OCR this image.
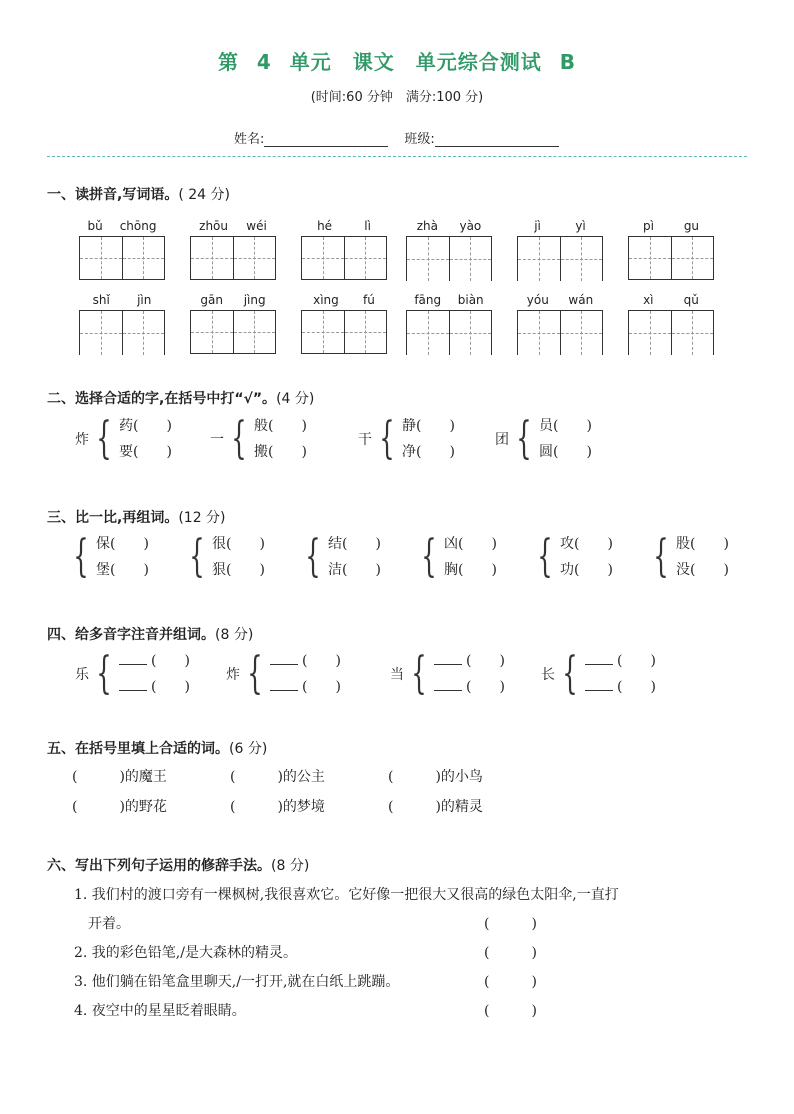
第 4 单元　课文　单元综合测试 B
(时间:60 分钟　满分:100 分)
姓名:	班级:
一、读拼音,写词语。( 24 分)
bǔ chōng	zhōu wéi	hé	lì	zhà yào	jì	yì	pì gu
shǐ jìn	gān jìng	xìng fú	fāng biàn	yóu wán	xì	qǔ
二、选择合适的字,在括号中打“√”。(4 分)
炸 { 药(　　)
要(　　)
一 { 般(　　)
搬(　　)
干 { 静(　　)
净(　　)
团 { 员(　　)
圆(　　)
三、比一比,再组词。(12 分)
{ 保(　　)
堡(　　) { 很(　　)
狠(　　) { 结(　　)
洁(　　) { 凶(　　)
胸(　　) { 攻(　　)
功(　　) { 股(　　)
没(　　)
四、给多音字注音并组词。(8 分)
乐 {	(　　)
(　　)
炸 {	(　　)
(　　)
当 {	(　　)
(　　)
长 {	(　　)
(　　)
五、在括号里填上合适的词。(6 分)
(　　　)的魔王	(　　　)的公主	(　　　)的小鸟
(　　　)的野花	(　　　)的梦境	(　　　)的精灵
六、写出下列句子运用的修辞手法。(8 分)
1. 我们村的渡口旁有一棵枫树,我很喜欢它。它好像一把很大又很高的绿色太阳伞,一直打
　开着。	(　　　)
2. 我的彩色铅笔,/是大森林的精灵。	(　　　)
3. 他们躺在铅笔盒里聊天,/一打开,就在白纸上跳蹦。	(　　　)
4. 夜空中的星星眨着眼睛。	(　　　)
